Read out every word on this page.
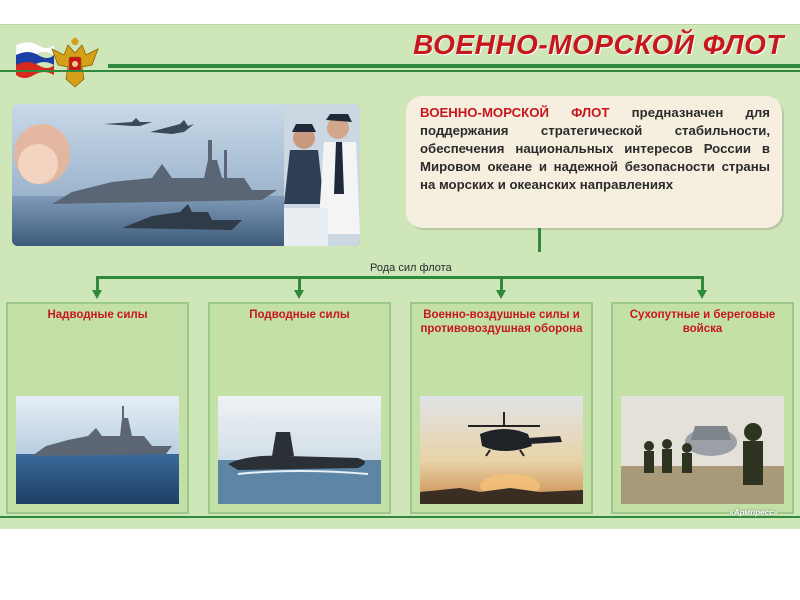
ВОЕННО-МОРСКОЙ ФЛОТ
ВОЕННО-МОРСКОЙ ФЛОТ предназначен для поддержания стратегической стабильности, обеспечения национальных интересов России в Мировом океане и надежной безопасности страны на морских и океанских направлениях
Рода сил флота
Надводные силы	Подводные силы	Военно-воздушные силы и противовоздушная оборона
Сухопутные и береговые войска
«Армпресс»
